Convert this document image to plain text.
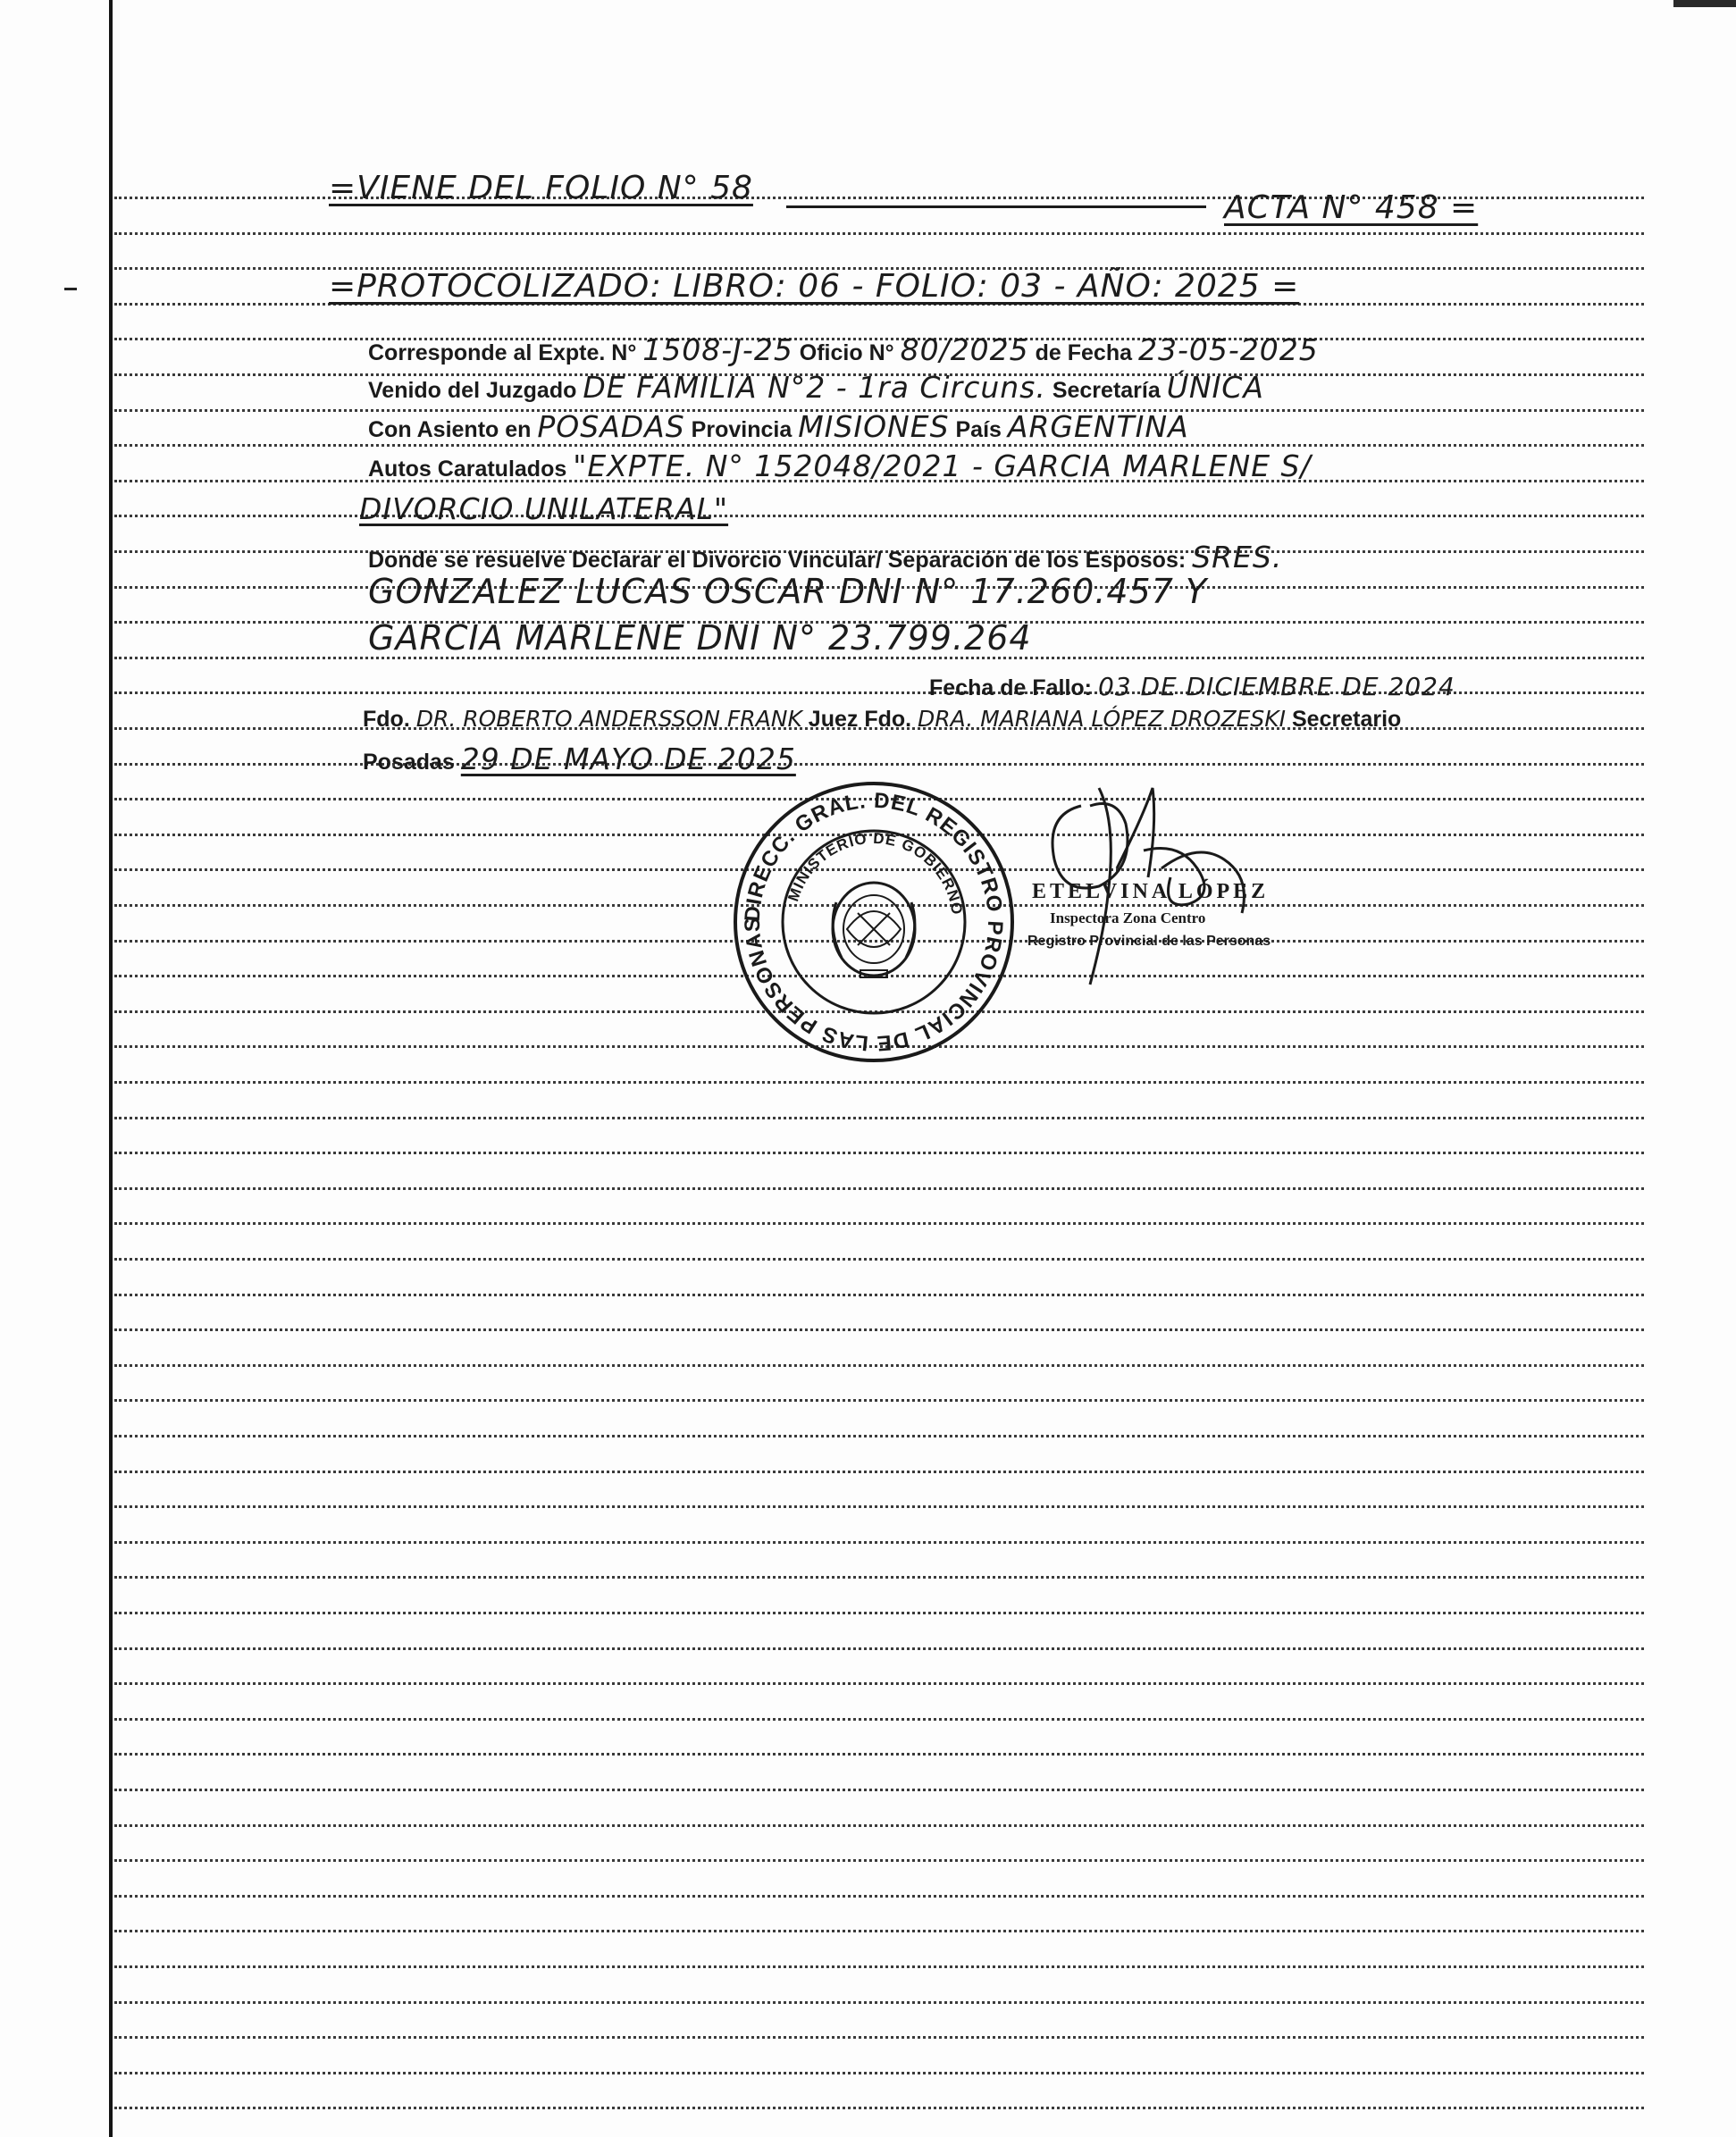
=VIENE DEL FOLIO N° 58
ACTA N° 458 =
=PROTOCOLIZADO: LIBRO: 06 - FOLIO: 03 - AÑO: 2025 =
Corresponde al Expte. N° 1508-J-25 Oficio N° 80/2025 de Fecha 23-05-2025
Venido del Juzgado DE FAMILIA N°2 - 1ra Circuns. Secretaría ÚNICA
Con Asiento en POSADAS Provincia MISIONES País ARGENTINA
Autos Caratulados "EXPTE. N° 152048/2021 - GARCIA MARLENE S/
DIVORCIO UNILATERAL"
Donde se resuelve Declarar el Divorcio Vincular/ Separación de los Esposos: SRES.
GONZALEZ LUCAS OSCAR DNI N° 17.260.457 Y
GARCIA MARLENE DNI N° 23.799.264
Fecha de Fallo: 03 DE DICIEMBRE DE 2024
Fdo. DR. ROBERTO ANDERSSON FRANK Juez Fdo. DRA. MARIANA LÓPEZ DROZESKI Secretario
Posadas 29 DE MAYO DE 2025
DIRECC. GRAL. DEL REGISTRO PROVINCIAL DE LAS PERSONAS
MINISTERIO DE GOBIERNO
ETELVINA LÓPEZ
Inspectora Zona Centro
Registro Provincial de las Personas
